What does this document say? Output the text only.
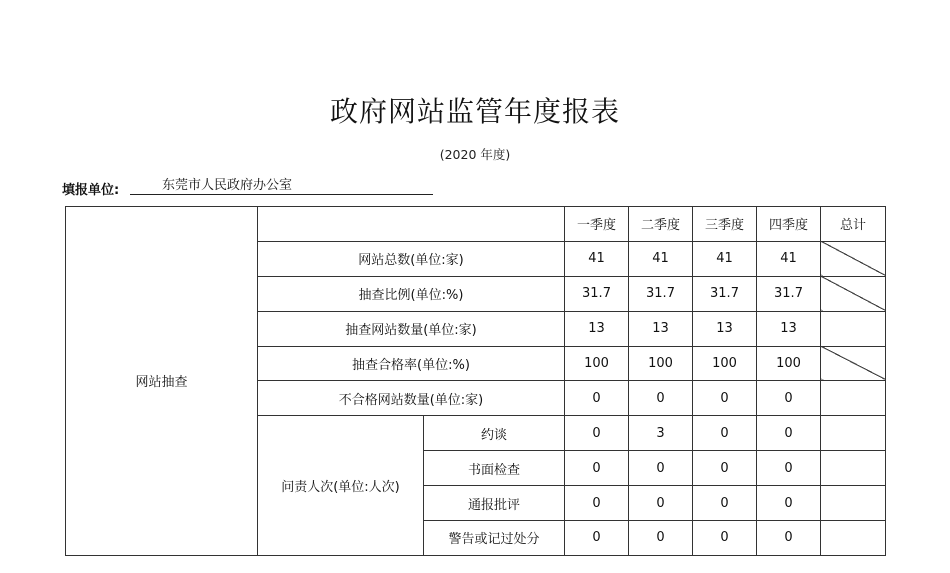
政府网站监管年度报表
(2020 年度)
填报单位:	东莞市人民政府办公室
网站抽查			一季度	二季度	三季度	四季度	总计
	网站总数(单位:家)		41	41	41	41	
	抽查比例(单位:%)		31.7	31.7	31.7	31.7	
	抽查网站数量(单位:家)		13	13	13	13	
	抽查合格率(单位:%)		100	100	100	100	
	不合格网站数量(单位:家)		0	0	0	0	
	问责人次(单位:人次)	约谈	0	3	0	0	
		书面检查	0	0	0	0	
		通报批评	0	0	0	0	
		警告或记过处分	0	0	0	0	
